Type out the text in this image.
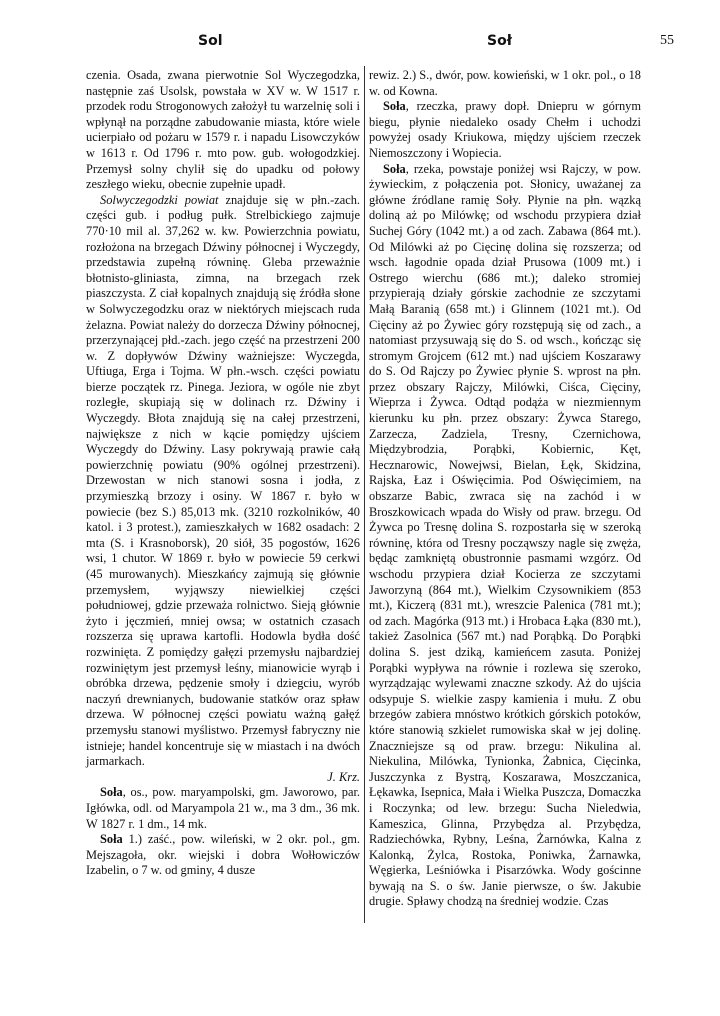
Sol	Soł	55

czenia. Osada, zwana pierwotnie Sol Wyczegodzka, następnie zaś Usolsk, powstała w XV w. W 1517 r. przodek rodu Strogonowych założył tu warzelnię soli i wpłynął na porządne zabudowanie miasta, które wiele ucierpiało od pożaru w 1579 r. i napadu Lisowczyków w 1613 r. Od 1796 r. mto pow. gub. wołogodzkiej. Przemysł solny chylił się do upadku od połowy zeszłego wieku, obecnie zupełnie upadł.

Solwyczegodzki powiat znajduje się w płn.-zach. części gub. i podług pułk. Strelbickiego zajmuje 770·10 mil al. 37,262 w. kw. Powierzchnia powiatu, rozłożona na brzegach Dźwiny północnej i Wyczegdy, przedstawia zupełną równinę. Gleba przeważnie błotnisto-gliniasta, zimna, na brzegach rzek piaszczysta. Z ciał kopalnych znajdują się źródła słone w Solwyczegodzku oraz w niektórych miejscach ruda żelazna. Powiat należy do dorzecza Dźwiny północnej, przerzynającej płd.-zach. jego część na przestrzeni 200 w. Z dopływów Dźwiny ważniejsze: Wyczegda, Uftiuga, Erga i Tojma. W płn.-wsch. części powiatu bierze początek rz. Pinega. Jeziora, w ogóle nie zbyt rozległe, skupiają się w dolinach rz. Dźwiny i Wyczegdy. Błota znajdują się na całej przestrzeni, największe z nich w kącie pomiędzy ujściem Wyczegdy do Dźwiny. Lasy pokrywają prawie całą powierzchnię powiatu (90% ogólnej przestrzeni). Drzewostan w nich stanowi sosna i jodła, z przymieszką brzozy i osiny. W 1867 r. było w powiecie (bez S.) 85,013 mk. (3210 rozkolników, 40 katol. i 3 protest.), zamieszkałych w 1682 osadach: 2 mta (S. i Krasnoborsk), 20 siół, 35 pogostów, 1626 wsi, 1 chutor. W 1869 r. było w powiecie 59 cerkwi (45 murowanych). Mieszkańcy zajmują się głównie przemysłem, wyjąwszy niewielkiej części południowej, gdzie przeważa rolnictwo. Sieją głównie żyto i jęczmień, mniej owsa; w ostatnich czasach rozszerza się uprawa kartofli. Hodowla bydła dość rozwinięta. Z pomiędzy gałęzi przemysłu najbardziej rozwiniętym jest przemysł leśny, mianowicie wyrąb i obróbka drzewa, pędzenie smoły i dziegciu, wyrób naczyń drewnianych, budowanie statków oraz spław drzewa. W północnej części powiatu ważną gałęź przemysłu stanowi myślistwo. Przemysł fabryczny nie istnieje; handel koncentruje się w miastach i na dwóch jarmarkach.

J. Krz.

Soła, os., pow. maryampolski, gm. Jaworowo, par. Igłówka, odl. od Maryampola 21 w., ma 3 dm., 36 mk. W 1827 r. 1 dm., 14 mk.

Soła 1.) zaść., pow. wileński, w 2 okr. pol., gm. Mejszagoła, okr. wiejski i dobra Wołłowiczów Izabelin, o 7 w. od gminy, 4 dusze

rewiz. 2.) S., dwór, pow. kowieński, w 1 okr. pol., o 18 w. od Kowna.

Soła, rzeczka, prawy dopł. Dniepru w górnym biegu, płynie niedaleko osady Chełm i uchodzi powyżej osady Kriukowa, między ujściem rzeczek Niemoszczony i Wopiecia.

Soła, rzeka, powstaje poniżej wsi Rajczy, w pow. żywieckim, z połączenia pot. Słonicy, uważanej za główne źródlane ramię Soły. Płynie na płn. wązką doliną aż po Milówkę; od wschodu przypiera dział Suchej Góry (1042 mt.) a od zach. Zabawa (864 mt.). Od Milówki aż po Cięcinę dolina się rozszerza; od wsch. łagodnie opada dział Prusowa (1009 mt.) i Ostrego wierchu (686 mt.); daleko stromiej przypierają działy górskie zachodnie ze szczytami Małą Baranią (658 mt.) i Glinnem (1021 mt.). Od Cięciny aż po Żywiec góry rozstępują się od zach., a natomiast przysuwają się do S. od wsch., kończąc się stromym Grojcem (612 mt.) nad ujściem Koszarawy do S. Od Rajczy po Żywiec płynie S. wprost na płn. przez obszary Rajczy, Milówki, Ciśca, Cięciny, Wieprza i Żywca. Odtąd podąża w niezmiennym kierunku ku płn. przez obszary: Żywca Starego, Zarzecza, Zadziela, Tresny, Czernichowa, Międzybrodzia, Porąbki, Kobiernic, Kęt, Hecznarowic, Nowejwsi, Bielan, Łęk, Skidzina, Rajska, Łaz i Oświęcimia. Pod Oświęcimiem, na obszarze Babic, zwraca się na zachód i w Broszkowicach wpada do Wisły od praw. brzegu. Od Żywca po Tresnę dolina S. rozpostarła się w szeroką równinę, która od Tresny począwszy nagle się zwęża, będąc zamkniętą obustronnie pasmami wzgórz. Od wschodu przypiera dział Kocierza ze szczytami Jaworzyną (864 mt.), Wielkim Czysownikiem (853 mt.), Kiczerą (831 mt.), wreszcie Palenica (781 mt.); od zach. Magórka (913 mt.) i Hrobaca Łąka (830 mt.), takież Zasolnica (567 mt.) nad Porąbką. Do Porąbki dolina S. jest dziką, kamieńcem zasuta. Poniżej Porąbki wypływa na równie i rozlewa się szeroko, wyrządzając wylewami znaczne szkody. Aż do ujścia odsypuje S. wielkie zaspy kamienia i mułu. Z obu brzegów zabiera mnóstwo krótkich górskich potoków, które stanowią szkielet rumowiska skał w jej dolinę. Znaczniejsze są od praw. brzegu: Nikulina al. Niekulina, Milówka, Tynionka, Żabnica, Cięcinka, Juszczynka z Bystrą, Koszarawa, Moszczanica, Łękawka, Isepnica, Mała i Wielka Puszcza, Domaczka i Roczynka; od lew. brzegu: Sucha Nieledwia, Kameszica, Glinna, Przybędza al. Przybędza, Radziechówka, Rybny, Leśna, Żarnówka, Kalna z Kalonką, Żylca, Rostoka, Poniwka, Żarnawka, Węgierka, Leśniówka i Pisarzówka. Wody gościnne bywają na S. o św. Janie pierwsze, o św. Jakubie drugie. Spławy chodzą na średniej wodzie. Czas
